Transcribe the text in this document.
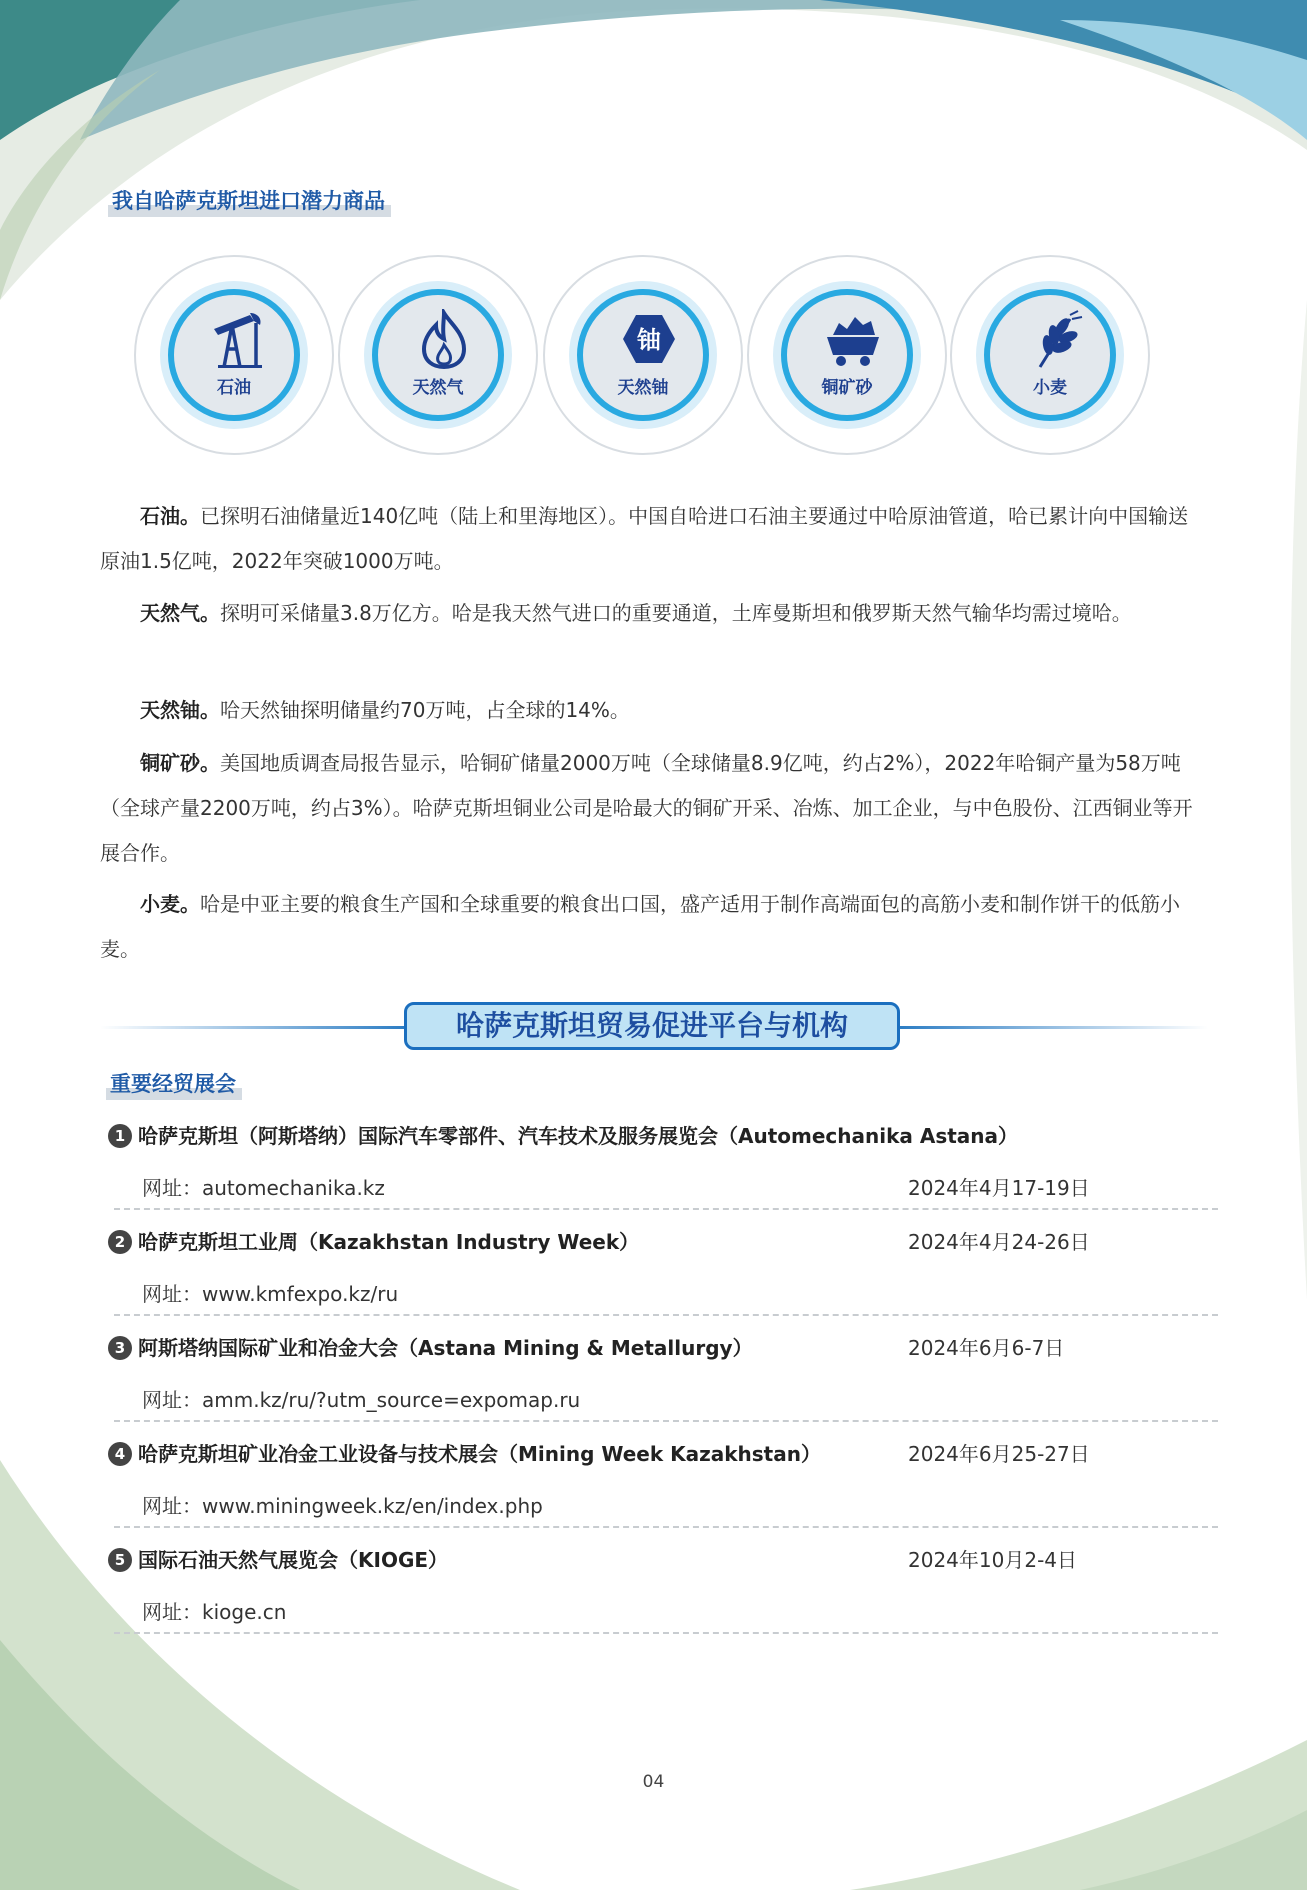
我自哈萨克斯坦进口潜力商品
石油	天然气
铀
天然铀	铜矿砂	小麦
石油。已探明石油储量近140亿吨（陆上和里海地区）。中国自哈进口石油主要通过中哈原油管道，哈已累计向中国输送原油1.5亿吨，2022年突破1000万吨。
天然气。探明可采储量3.8万亿方。哈是我天然气进口的重要通道，土库曼斯坦和俄罗斯天然气输华均需过境哈。
天然铀。哈天然铀探明储量约70万吨，占全球的14%。
铜矿砂。美国地质调查局报告显示，哈铜矿储量2000万吨（全球储量8.9亿吨，约占2%），2022年哈铜产量为58万吨（全球产量2200万吨，约占3%）。哈萨克斯坦铜业公司是哈最大的铜矿开采、冶炼、加工企业，与中色股份、江西铜业等开展合作。
小麦。哈是中亚主要的粮食生产国和全球重要的粮食出口国，盛产适用于制作高端面包的高筋小麦和制作饼干的低筋小麦。
哈萨克斯坦贸易促进平台与机构
重要经贸展会
1 哈萨克斯坦（阿斯塔纳）国际汽车零部件、汽车技术及服务展览会（Automechanika Astana）
网址：automechanika.kz	2024年4月17-19日
2 哈萨克斯坦工业周（Kazakhstan Industry Week）	2024年4月24-26日
网址：www.kmfexpo.kz/ru
3 阿斯塔纳国际矿业和冶金大会（Astana Mining & Metallurgy）	2024年6月6-7日
网址：amm.kz/ru/?utm_source=expomap.ru
4 哈萨克斯坦矿业冶金工业设备与技术展会（Mining Week Kazakhstan）	2024年6月25-27日
网址：www.miningweek.kz/en/index.php
5 国际石油天然气展览会（KIOGE）	2024年10月2-4日
网址：kioge.cn
04
